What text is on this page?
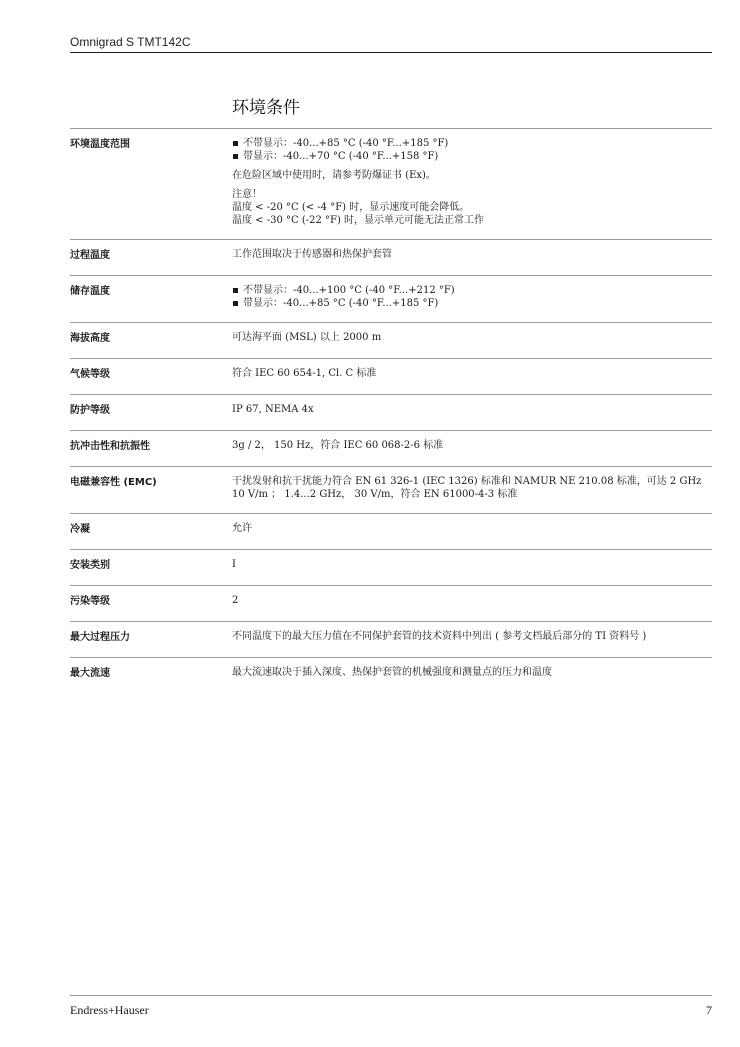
Omnigrad S TMT142C
环境条件
环境温度范围	不带显示：-40...+85 °C (-40 °F...+185 °F)
带显示：-40...+70 °C (-40 °F...+158 °F)

在危险区域中使用时，请参考防爆证书 (Ex)。

注意！

温度 < -20 °C (< -4 °F) 时，显示速度可能会降低。

温度 < -30 °C (-22 °F) 时，显示单元可能无法正常工作

过程温度	工作范围取决于传感器和热保护套管
储存温度	不带显示：-40...+100 °C (-40 °F...+212 °F)
带显示：-40...+85 °C (-40 °F...+185 °F)
海拔高度	可达海平面 (MSL) 以上 2000 m
气候等级	符合 IEC 60 654-1, Cl. C 标准
防护等级	IP 67, NEMA 4x
抗冲击性和抗振性	3g / 2， 150 Hz，符合 IEC 60 068-2-6 标准
电磁兼容性 (EMC)	干扰发射和抗干扰能力符合 EN 61 326-1 (IEC 1326) 标准和 NAMUR NE 210.08 标准，可达 2 GHz

10 V/m ； 1.4...2 GHz， 30 V/m，符合 EN 61000-4-3 标准

冷凝	允许
安装类别	I
污染等级	2
最大过程压力	不同温度下的最大压力值在不同保护套管的技术资料中列出 ( 参考文档最后部分的 TI 资料号 )
最大流速	最大流速取决于插入深度、热保护套管的机械强度和测量点的压力和温度
Endress+Hauser	7
